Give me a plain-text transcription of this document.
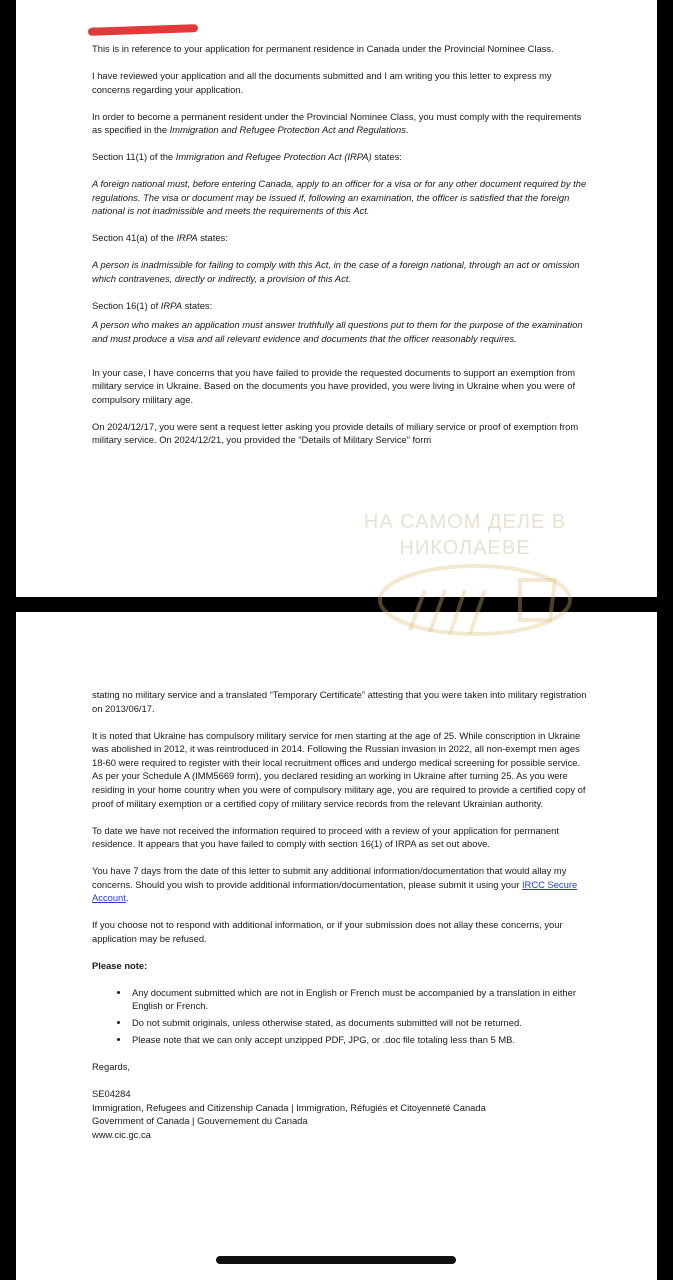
This is in reference to your application for permanent residence in Canada under the Provincial Nominee Class.

I have reviewed your application and all the documents submitted and I am writing you this letter to express my concerns regarding your application.

In order to become a permanent resident under the Provincial Nominee Class, you must comply with the requirements as specified in the Immigration and Refugee Protection Act and Regulations.

Section 11(1) of the Immigration and Refugee Protection Act (IRPA) states:

A foreign national must, before entering Canada, apply to an officer for a visa or for any other document required by the regulations. The visa or document may be issued if, following an examination, the officer is satisfied that the foreign national is not inadmissible and meets the requirements of this Act.

Section 41(a) of the IRPA states:

A person is inadmissible for failing to comply with this Act, in the case of a foreign national, through an act or omission which contravenes, directly or indirectly, a provision of this Act.

Section 16(1) of IRPA states:

A person who makes an application must answer truthfully all questions put to them for the purpose of the examination and must produce a visa and all relevant evidence and documents that the officer reasonably requires.

In your case, I have concerns that you have failed to provide the requested documents to support an exemption from military service in Ukraine. Based on the documents you have provided, you were living in Ukraine when you were of compulsory military age.

On 2024/12/17, you were sent a request letter asking you provide details of miliary service or proof of exemption from military service. On 2024/12/21, you provided the “Details of Military Service” form

stating no military service and a translated “Temporary Certificate” attesting that you were taken into military registration on 2013/06/17.

It is noted that Ukraine has compulsory military service for men starting at the age of 25. While conscription in Ukraine was abolished in 2012, it was reintroduced in 2014. Following the Russian invasion in 2022, all non-exempt men ages 18-60 were required to register with their local recruitment offices and undergo medical screening for possible service. As per your Schedule A (IMM5669 form), you declared residing an working in Ukraine after turning 25. As you were residing in your home country when you were of compulsory military age, you are required to provide a certified copy of proof of military exemption or a certified copy of military service records from the relevant Ukrainian authority.

To date we have not received the information required to proceed with a review of your application for permanent residence. It appears that you have failed to comply with section 16(1) of IRPA as set out above.

You have 7 days from the date of this letter to submit any additional information/documentation that would allay my concerns. Should you wish to provide additional information/documentation, please submit it using your IRCC Secure Account.

If you choose not to respond with additional information, or if your submission does not allay these concerns, your application may be refused.

Please note:

• Any document submitted which are not in English or French must be accompanied by a translation in either English or French.
• Do not submit originals, unless otherwise stated, as documents submitted will not be returned.
• Please note that we can only accept unzipped PDF, JPG, or .doc file totaling less than 5 MB.

Regards,

SE04284

Immigration, Refugees and Citizenship Canada | Immigration, Réfugiés et Citoyenneté Canada

Government of Canada | Gouvernement du Canada

www.cic.gc.ca

НА САМОМ ДЕЛЕ В
НИКОЛАЕВЕ
